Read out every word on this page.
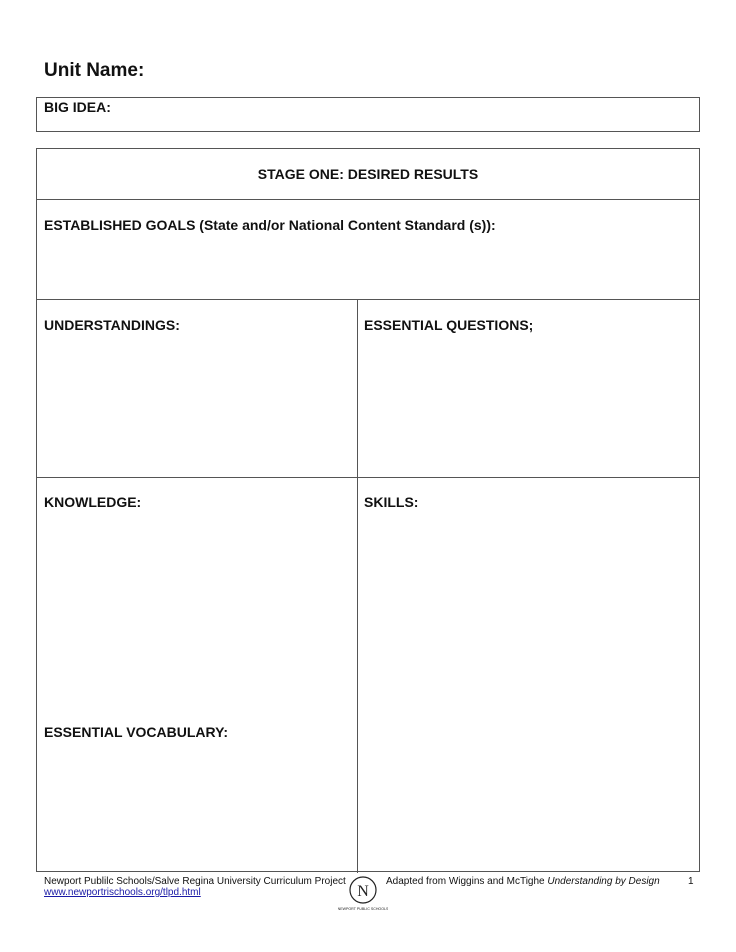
Unit Name:
BIG IDEA:
STAGE ONE: DESIRED RESULTS
ESTABLISHED GOALS (State and/or National Content Standard (s)):
UNDERSTANDINGS:	ESSENTIAL QUESTIONS;
KNOWLEDGE:	SKILLS:
ESSENTIAL VOCABULARY:
Newport Publilc Schools/Salve Regina University Curriculum Project
www.newportrischools.org/tlpd.html	N
NEWPORT PUBLIC SCHOOLS
Adapted from Wiggins and McTighe Understanding by Design	1
